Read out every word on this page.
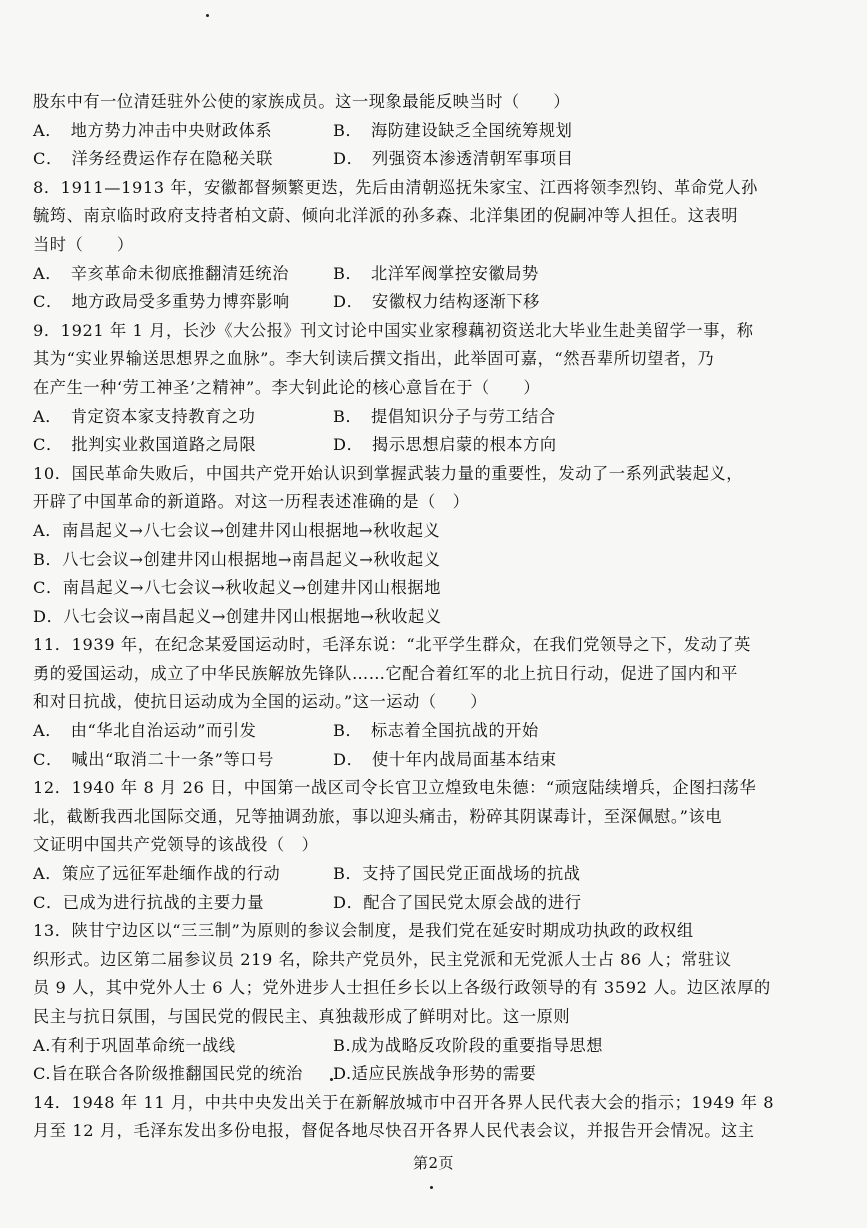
股东中有一位清廷驻外公使的家族成员。这一现象最能反映当时（　　）
A．　地方势力冲击中央财政体系	B．　海防建设缺乏全国统筹规划
C．　洋务经费运作存在隐秘关联	D．　列强资本渗透清朝军事项目
8．1911—1913 年，安徽都督频繁更迭，先后由清朝巡抚朱家宝、江西将领李烈钧、革命党人孙
毓筠、南京临时政府支持者柏文蔚、倾向北洋派的孙多森、北洋集团的倪嗣冲等人担任。这表明
当时（　　）
A．　辛亥革命未彻底推翻清廷统治	B．　北洋军阀掌控安徽局势
C．　地方政局受多重势力博弈影响	D．　安徽权力结构逐渐下移
9．1921 年 1 月，长沙《大公报》刊文讨论中国实业家穆藕初资送北大毕业生赴美留学一事，称
其为“实业界输送思想界之血脉”。李大钊读后撰文指出，此举固可嘉，“然吾辈所切望者，乃
在产生一种‘劳工神圣’之精神”。李大钊此论的核心意旨在于（　　）
A．　肯定资本家支持教育之功	B．　提倡知识分子与劳工结合
C．　批判实业救国道路之局限	D．　揭示思想启蒙的根本方向
10．国民革命失败后，中国共产党开始认识到掌握武装力量的重要性，发动了一系列武装起义，
开辟了中国革命的新道路。对这一历程表述准确的是（　）
A．南昌起义→八七会议→创建井冈山根据地→秋收起义
B．八七会议→创建井冈山根据地→南昌起义→秋收起义
C．南昌起义→八七会议→秋收起义→创建井冈山根据地
D．八七会议→南昌起义→创建井冈山根据地→秋收起义
11．1939 年，在纪念某爱国运动时，毛泽东说：“北平学生群众，在我们党领导之下，发动了英
勇的爱国运动，成立了中华民族解放先锋队……它配合着红军的北上抗日行动，促进了国内和平
和对日抗战，使抗日运动成为全国的运动。”这一运动（　　）
A．　由“华北自治运动”而引发	B．　标志着全国抗战的开始
C．　喊出“取消二十一条”等口号	D．　使十年内战局面基本结束
12．1940 年 8 月 26 日，中国第一战区司令长官卫立煌致电朱德：“顽寇陆续增兵，企图扫荡华
北，截断我西北国际交通，兄等抽调劲旅，事以迎头痛击，粉碎其阴谋毒计，至深佩慰。”该电
文证明中国共产党领导的该战役（　）
A．策应了远征军赴缅作战的行动	B．支持了国民党正面战场的抗战
C．已成为进行抗战的主要力量	D．配合了国民党太原会战的进行
13．陕甘宁边区以“三三制”为原则的参议会制度，是我们党在延安时期成功执政的政权组
织形式。边区第二届参议员 219 名，除共产党员外，民主党派和无党派人士占 86 人；常驻议
员 9 人，其中党外人士 6 人；党外进步人士担任乡长以上各级行政领导的有 3592 人。边区浓厚的
民主与抗日氛围，与国民党的假民主、真独裁形成了鲜明对比。这一原则
A.有利于巩固革命统一战线	B.成为战略反攻阶段的重要指导思想
C.旨在联合各阶级推翻国民党的统治	D.适应民族战争形势的需要
14．1948 年 11 月，中共中央发出关于在新解放城市中召开各界人民代表大会的指示；1949 年 8
月至 12 月，毛泽东发出多份电报，督促各地尽快召开各界人民代表会议，并报告开会情况。这主
第2页
